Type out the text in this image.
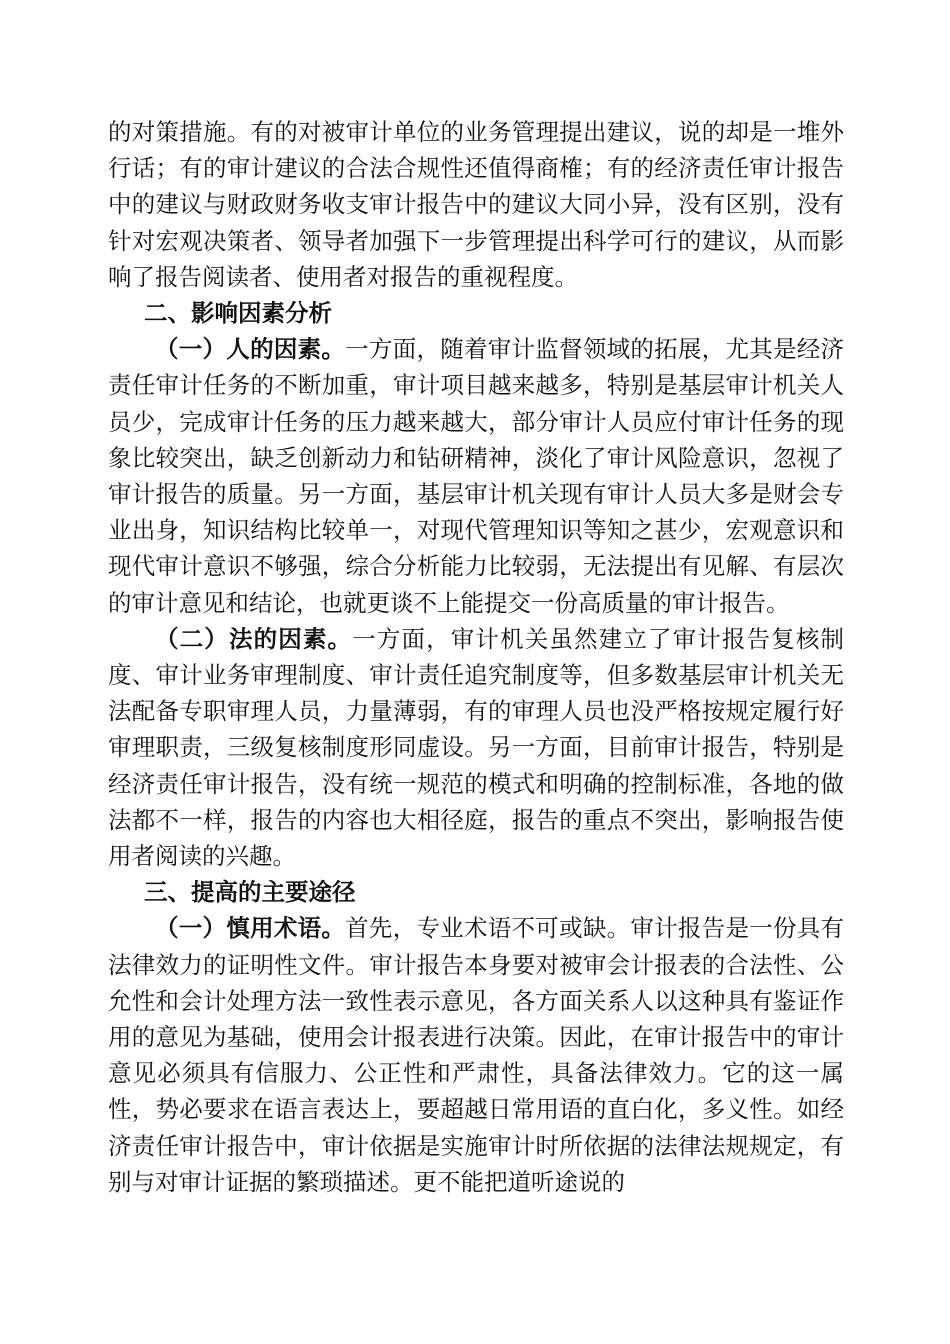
的对策措施。有的对被审计单位的业务管理提出建议，说的却是一堆外行话；有的审计建议的合法合规性还值得商榷；有的经济责任审计报告中的建议与财政财务收支审计报告中的建议大同小异，没有区别，没有针对宏观决策者、领导者加强下一步管理提出科学可行的建议，从而影响了报告阅读者、使用者对报告的重视程度。

二、影响因素分析

（一）人的因素。一方面，随着审计监督领域的拓展，尤其是经济责任审计任务的不断加重，审计项目越来越多，特别是基层审计机关人员少，完成审计任务的压力越来越大，部分审计人员应付审计任务的现象比较突出，缺乏创新动力和钻研精神，淡化了审计风险意识，忽视了审计报告的质量。另一方面，基层审计机关现有审计人员大多是财会专业出身，知识结构比较单一，对现代管理知识等知之甚少，宏观意识和现代审计意识不够强，综合分析能力比较弱，无法提出有见解、有层次的审计意见和结论，也就更谈不上能提交一份高质量的审计报告。

（二）法的因素。一方面，审计机关虽然建立了审计报告复核制度、审计业务审理制度、审计责任追究制度等，但多数基层审计机关无法配备专职审理人员，力量薄弱，有的审理人员也没严格按规定履行好审理职责，三级复核制度形同虚设。另一方面，目前审计报告，特别是经济责任审计报告，没有统一规范的模式和明确的控制标准，各地的做法都不一样，报告的内容也大相径庭，报告的重点不突出，影响报告使用者阅读的兴趣。

三、提高的主要途径

（一）慎用术语。首先，专业术语不可或缺。审计报告是一份具有法律效力的证明性文件。审计报告本身要对被审会计报表的合法性、公允性和会计处理方法一致性表示意见，各方面关系人以这种具有鉴证作用的意见为基础，使用会计报表进行决策。因此，在审计报告中的审计意见必须具有信服力、公正性和严肃性，具备法律效力。它的这一属性，势必要求在语言表达上，要超越日常用语的直白化，多义性。如经济责任审计报告中，审计依据是实施审计时所依据的法律法规规定，有别与对审计证据的繁琐描述。更不能把道听途说的
